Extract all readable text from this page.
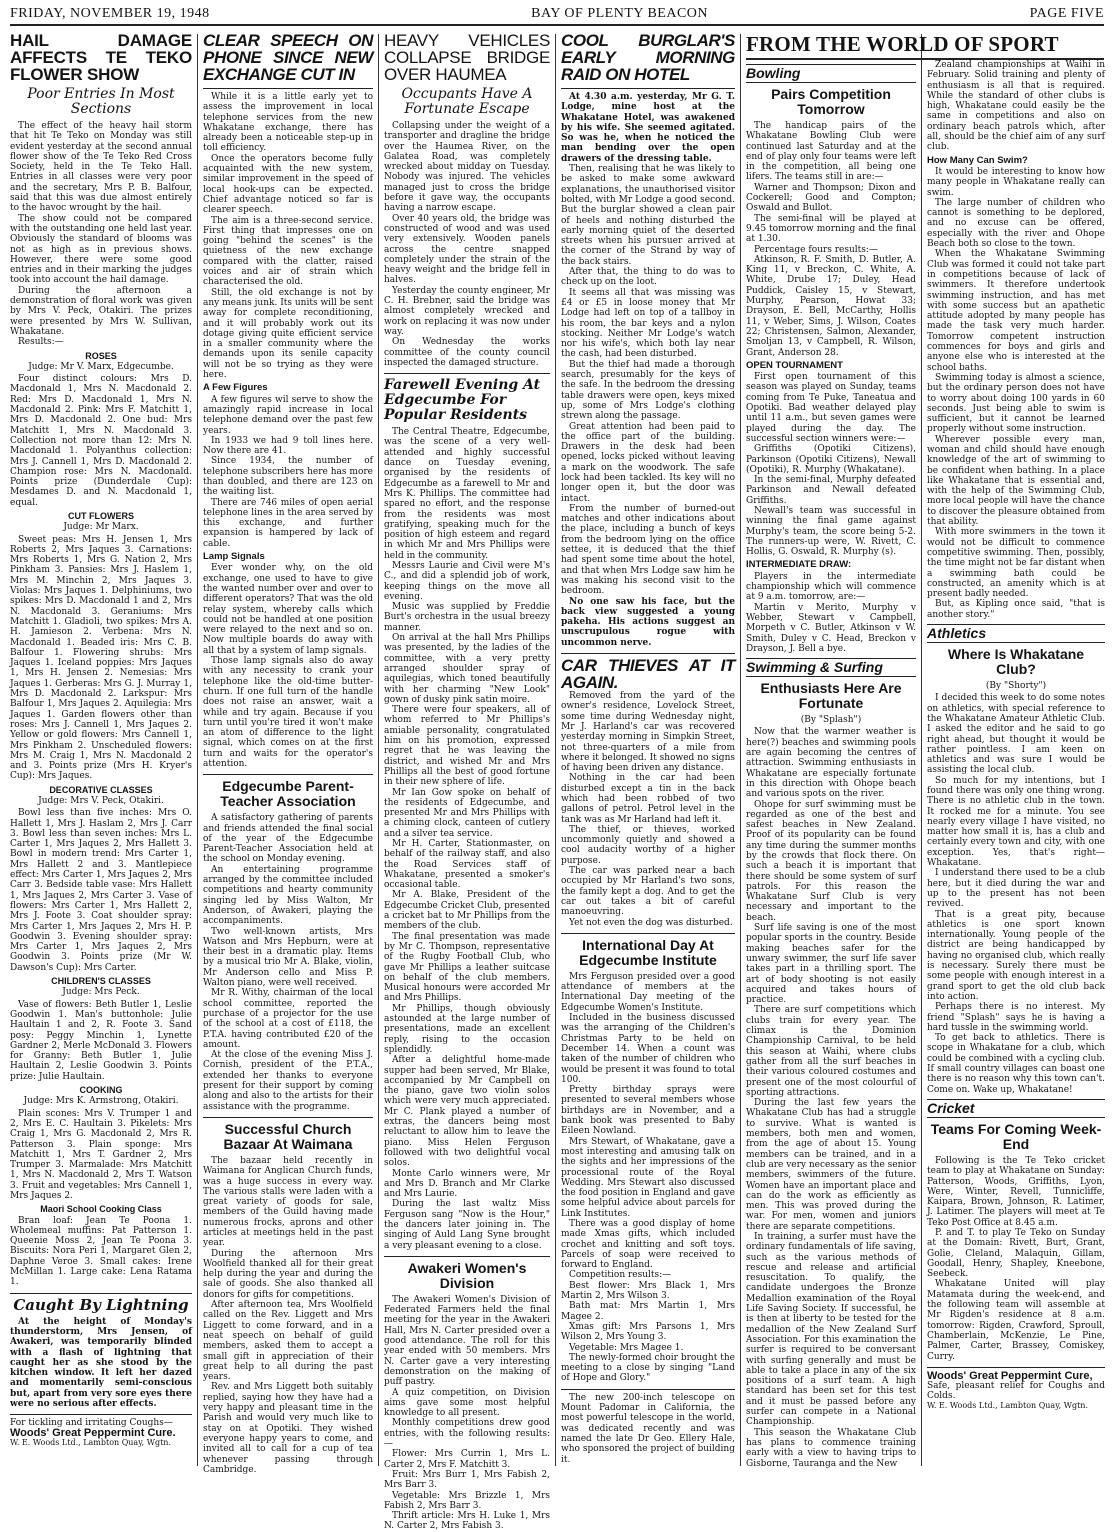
FRIDAY, NOVEMBER 19, 1948	BAY OF PLENTY BEACON	PAGE FIVE
HAIL DAMAGE AFFECTS TE TEKO FLOWER SHOW
Poor Entries In Most Sections

The effect of the heavy hail storm that hit Te Teko on Monday was still evident yesterday at the second annual flower show of the Te Teko Red Cross Society, held in the Te Teko Hall. Entries in all classes were very poor and the secretary, Mrs P. B. Balfour, said that this was due almost entirely to the havoc wrought by the hail.

The show could not be compared with the outstanding one held last year. Obviously the standard of blooms was not as high as in previous shows. However, there were some good entries and in their marking the judges took into account the hail damage.

During the afternoon a demonstration of floral work was given by Mrs V. Peck, Otakiri. The prizes were presented by Mrs W. Sullivan, Whakatane.

Results:—

ROSES
Judge: Mr V. Marx, Edgecumbe.

Four distinct colours: Mrs D. Macdonald 1, Mrs N. Macdonald 2. Red: Mrs D. Macdonald 1, Mrs N. Macdonald 2. Pink: Mrs F. Matchitt 1, Mrs D. Macdonald 2. One bud: Mrs Matchitt 1, Mrs N. Macdonald 3. Collection not more than 12: Mrs N. Macdonald 1. Polyanthus collection: Mrs J. Cannell 1, Mrs D. Macdonald 2. Champion rose: Mrs N. Macdonald. Points prize (Dunderdale Cup): Mesdames D. and N. Macdonald 1, equal.

CUT FLOWERS
Judge: Mr Marx.

Sweet peas: Mrs H. Jensen 1, Mrs Roberts 2, Mrs Jaques 3. Carnations: Mrs Roberts 1, Mrs G. Nation 2, Mrs Pinkham 3. Pansies: Mrs J. Haslem 1, Mrs M. Minchin 2, Mrs Jaques 3. Violas: Mrs Jaques 1. Delphiniums, two spikes: Mrs D. Macdonald 1 and 2, Mrs N. Macdonald 3. Geraniums: Mrs Matchitt 1. Gladioli, two spikes: Mrs A. H. Jamieson 2. Verbena: Mrs N. Macdonald 1. Beaded iris: Mrs C. B. Balfour 1. Flowering shrubs: Mrs Jaques 1. Iceland poppies: Mrs Jaques 1, Mrs H. Jensen 2. Nemesias: Mrs Jaques 1. Gerberas: Mrs G. J. Murray 1, Mrs D. Macdonald 2. Larkspur: Mrs Balfour 1, Mrs Jaques 2. Aquilegia: Mrs Jaques 1. Garden flowers other than roses: Mrs J. Cannell 1, Mrs Jaques 2. Yellow or gold flowers: Mrs Cannell 1, Mrs Pinkham 2. Unscheduled flowers: Mrs M. Craig 1, Mrs N. Macdonald 2 and 3. Points prize (Mrs H. Kryer's Cup): Mrs Jaques.

DECORATIVE CLASSES
Judge: Mrs V. Peck, Otakiri.

Bowl less than five inches: Mrs O. Hallett 1, Mrs J. Haslam 2, Mrs J. Carr 3. Bowl less than seven inches: Mrs L. Carter 1, Mrs Jaques 2, Mrs Hallett 3. Bowl in modern trend: Mrs Carter 1, Mrs Hallett 2 and 3. Mantlepiece effect: Mrs Carter 1, Mrs Jaques 2, Mrs Carr 3. Bedside table vase: Mrs Hallett 1, Mrs Jaques 2, Mrs Carter 3. Vase of flowers: Mrs Carter 1, Mrs Hallett 2, Mrs J. Foote 3. Coat shoulder spray: Mrs Carter 1, Mrs Jaques 2, Mrs H. P. Goodwin 3. Evening shoulder spray: Mrs Carter 1, Mrs Jaques 2, Mrs Goodwin 3. Points prize (Mr W. Dawson's Cup): Mrs Carter.

CHILDREN'S CLASSES
Judge: Mrs Peck.

Vase of flowers: Beth Butler 1, Leslie Goodwin 1. Man's buttonhole: Julie Haultain 1 and 2, R. Foote 3. Sand posy: Peggy Minchin 1, Lynette Gardner 2, Merle McDonald 3. Flowers for Granny: Beth Butler 1, Julie Haultain 2, Leslie Goodwin 3. Points prize: Julie Haultain.

COOKING
Judge: Mrs K. Armstrong, Otakiri.

Plain scones: Mrs V. Trumper 1 and 2, Mrs E. C. Haultain 3. Pikelets: Mrs Craig 1, Mrs G. Macdonald 2, Mrs R. Patterson 3. Plain sponge: Mrs Matchitt 1, Mrs T. Gardner 2, Mrs Trumper 3. Marmalade: Mrs Matchitt 1, Mrs N. Macdonald 2, Mrs T. Watson 3. Fruit and vegetables: Mrs Cannell 1, Mrs Jaques 2.

Maori School Cooking Class

Bran loaf: Jean Te Poona 1. Wholemeal muffins: Pat Patterson 1. Queenie Moss 2, Jean Te Poona 3. Biscuits: Nora Peri 1, Margaret Glen 2, Daphne Veroe 3. Small cakes: Irene McMillan 1. Large cake: Lena Ratama 1.

Caught By Lightning

At the height of Monday's thunderstorm, Mrs Jensen, of Awakeri, was temporarily blinded with a flash of lightning that caught her as she stood by the kitchen window. It left her dazed and momentarily semi-conscious but, apart from very sore eyes there were no serious after effects.

For tickling and irritating Coughs—
Woods' Great Peppermint Cure.
W. E. Woods Ltd., Lambton Quay, Wgtn.
CLEAR SPEECH ON PHONE SINCE NEW EXCHANGE CUT IN

While it is a little early yet to assess the improvement in local telephone services from the new Whakatane exchange, there has already been a noticeable step-up in toll efficiency.

Once the operators become fully acquainted with the new system, similar improvement in the speed of local hook-ups can be expected. Chief advantage noticed so far is clearer speech.

The aim is a three-second service. First thing that impresses one on going "behind the scenes" is the quietness of the new exchange compared with the clatter, raised voices and air of strain which characterised the old.

Still, the old exchange is not by any means junk. Its units will be sent away for complete reconditioning, and it will probably work out its dotage giving quite efficient service in a smaller community where the demands upon its senile capacity will not be so trying as they were here.

A Few Figures

A few figures wil serve to show the amazingly rapid increase in local telephone demand over the past few years.

In 1933 we had 9 toll lines here. Now there are 41.

Since 1934, the number of telephone subscribers here has more than doubled, and there are 123 on the waiting list.

There are 746 miles of open aerial telephone lines in the area served by this exchange, and further expansion is hampered by lack of cable.

Lamp Signals

Ever wonder why, on the old exchange, one used to have to give the wanted number over and over to different operators? That was the old relay system, whereby calls which could not be handled at one position were relayed to the next and so on. Now multiple boards do away with all that by a system of lamp signals.

Those lamp signals also do away with any necessity to crank your telephone like the old-time butter-churn. If one full turn of the handle does not raise an answer, wait a while and try again. Because if you turn until you're tired it won't make an atom of difference to the light signal, which comes on at the first turn and waits for the operator's attention.

Edgecumbe Parent-Teacher Association

A satisfactory gathering of parents and friends attended the final social of the year of the Edgecumbe Parent-Teacher Association held at the school on Monday evening.

An entertaining programme arranged by the committee included competitions and hearty community singing led by Miss Walton, Mr Anderson, of Awakeri, playing the accompaniments.

Two well-known artists, Mrs Watson and Mrs Hepburn, were at their best in a dramatic play. Items by a musical trio Mr A. Blake, violin, Mr Anderson cello and Miss P. Walton piano, were well received.

Mr R. Withy, chairman of the local school committee, reported the purchase of a projector for the use of the school at a cost of £118, the P.T.A. having contributed £20 of the amount.

At the close of the evening Miss J. Cornish, president of the P.T.A., extended her thanks to everyone present for their support by coming along and also to the artists for their assistance with the programme.

Successful Church Bazaar At Waimana

The bazaar held recently in Waimana for Anglican Church funds, was a huge success in every way. The various stalls were laden with a great variety of goods for sale, members of the Guild having made numerous frocks, aprons and other articles at meetings held in the past year.

During the afternoon Mrs Woolfield thanked all for their great help during the year and during the sale of goods. She also thanked all donors for gifts for competitions.

After afternoon tea, Mrs Woolfield called on the Rev. Liggett and Mrs Liggett to come forward, and in a neat speech on behalf of guild members, asked them to accept a small gift in appreciation of their great help to all during the past years.

Rev. and Mrs Liggett both suitably replied, saying how they have had a very happy and pleasant time in the Parish and would very much like to stay on at Opotiki. They wished everyone happy years to come, and invited all to call for a cup of tea whenever passing through Cambridge.

HEAVY VEHICLES COLLAPSE BRIDGE OVER HAUMEA
Occupants Have A Fortunate Escape

Collapsing under the weight of a transporter and dragline the bridge over the Haumea River, on the Galatea Road, was completely wrecked about midday on Tuesday. Nobody was injured. The vehicles managed just to cross the bridge before it gave way, the occupants having a narrow escape.

Over 40 years old, the bridge was constructed of wood and was used very extensively. Wooden panels across the centre snapped completely under the strain of the heavy weight and the bridge fell in halves.

Yesterday the county engineer, Mr C. H. Brebner, said the bridge was almost completely wrecked and work on replacing it was now under way.

On Wednesday the works committee of the county council inspected the damaged structure.

Farewell Evening At Edgecumbe For Popular Residents

The Central Theatre, Edgecumbe, was the scene of a very well-attended and highly successful dance on Tuesday evening, organised by the residents of Edgecumbe as a farewell to Mr and Mrs K. Phillips. The committee had spared no effort, and the response from the residents was most gratifying, speaking much for the position of high esteem and regard in which Mr and Mrs Phillips were held in the community.

Messrs Laurie and Civil were M's C., and did a splendid job of work, keeping things on the move all evening.

Music was supplied by Freddie Burt's orchestra in the usual breezy manner.

On arrival at the hall Mrs Phillips was presented, by the ladies of the committee, with a very pretty arranged shoulder spray of aquilegias, which toned beautifully with her charming "New Look" gown of dusky pink satin moire.

There were four speakers, all of whom referred to Mr Phillips's amiable personality, congratulated him on his promotion, expressed regret that he was leaving the district, and wished Mr and Mrs Phillips all the best of good fortune in their new sphere of life.

Mr Ian Gow spoke on behalf of the residents of Edgecumbe, and presented Mr and Mrs Phillips with a chiming clock, canteen of cutlery and a silver tea service.

Mr H. Carter, Stationmaster, on behalf of the railway staff, and also the Road Services staff of Whakatane, presented a smoker's occasional table.

Mr A. Blake, President of the Edgecumbe Cricket Club, presented a cricket bat to Mr Phillips from the members of the club.

The final presentation was made by Mr C. Thompson, representative of the Rugby Football Club, who gave Mr Phillips a leather suitcase on behalf of the club members. Musical honours were accorded Mr and Mrs Phillips.

Mr Phillips, though obviously astounded at the large number of presentations, made an excellent reply, rising to the occasion splendidly.

After a delightful home-made supper had been served, Mr Blake, accompanied by Mr Campbell on the piano, gave two violin solos which were very much appreciated. Mr C. Plank played a number of extras, the dancers being most reluctant to allow him to leave the piano. Miss Helen Ferguson followed with two delightful vocal solos.

Monte Carlo winners were, Mr and Mrs D. Branch and Mr Clarke and Mrs Laurie.

During the last waltz Miss Ferguson sang "Now is the Hour," the dancers later joining in. The singing of Auld Lang Syne brought a very pleasant evening to a close.

Awakeri Women's Division

The Awakeri Women's Division of Federated Farmers held the final meeting for the year in the Awakeri Hall, Mrs N. Carter presided over a good attendance. The roll for this year ended with 50 members. Mrs N. Carter gave a very interesting demonstration on the making of puff pastry.

A quiz competition, on Division aims gave some most helpful knowledge to all present.

Monthly competitions drew good entries, with the following results:—

Flower: Mrs Currin 1, Mrs L. Carter 2, Mrs F. Matchitt 3.

Fruit: Mrs Burr 1, Mrs Fabish 2, Mrs Barr 3.

Vegetable: Mrs Brizzle 1, Mrs Fabish 2, Mrs Barr 3.

Thrift article: Mrs H. Luke 1, Mrs N. Carter 2, Mrs Fabish 3.

COOL BURGLAR'S EARLY MORNING RAID ON HOTEL

At 4.30 a.m. yesterday, Mr G. T. Lodge, mine host at the Whakatane Hotel, was awakened by his wife. She seemed agitated. So was he, when he noticed the man bending over the open drawers of the dressing table.

Then, realising that he was likely to be asked to make some awkward explanations, the unauthorised visitor bolted, with Mr Lodge a good second. But the burglar showed a clean pair of heels and nothing disturbed the early morning quiet of the deserted streets when his pursuer arrived at the corner of the Strand by way of the back stairs.

After that, the thing to do was to check up on the loot.

It seems all that was missing was £4 or £5 in loose money that Mr Lodge had left on top of a tallboy in his room, the bar keys and a nylon stocking. Neither Mr Lodge's watch nor his wife's, which both lay near the cash, had been disturbed.

But the thief had made a thorough search, presumably for the keys of the safe. In the bedroom the dressing table drawers were open, keys mixed up, some of Mrs Lodge's clothing strewn along the passage.

Great attention had been paid to the office part of the building. Drawers in the desk had been opened, locks picked without leaving a mark on the woodwork. The safe lock had been tackled. Its key will no longer open it, but the door was intact.

From the number of burned-out matches and other indications about the place, including a bunch of keys from the bedroom lying on the office settee, it is deduced that the thief had spent some time about the hotel, and that when Mrs Lodge saw him he was making his second visit to the bedroom.

No one saw his face, but the back view suggested a young pakeha. His actions suggest an unscrupulous rogue with uncommon nerve.

CAR THIEVES AT IT AGAIN.

Removed from the yard of the owner's residence, Lovelock Street, some time during Wednesday night, Mr J. Harland's car was recovered yesterday morning in Simpkin Street, not three-quarters of a mile from where it belonged. It showed no signs of having been driven any distance.

Nothing in the car had been disturbed except a tin in the back which had been robbed of two gallons of petrol. Petrol level in the tank was as Mr Harland had left it.

The thief, or thieves, worked uncommonly quietly and showed a cool audacity worthy of a higher purpose.

The car was parked near a bach occupied by Mr Harland's two sons, the family kept a dog. And to get the car out takes a bit of careful manoeuvring.

Yet not even the dog was disturbed.

International Day At Edgecumbe Institute

Mrs Ferguson presided over a good attendance of members at the International Day meeting of the Edgecumbe Women's Institute.

Included in the business discussed was the arranging of the Children's Christmas Party to be held on December 14. When a count was taken of the number of children who would be present it was found to total 100.

Pretty birthday sprays were presented to several members whose birthdays are in November, and a bank book was presented to Baby Eileen Nowland.

Mrs Stewart, of Whakatane, gave a most interesting and amusing talk on the sights and her impressions of the processional route of the Royal Wedding. Mrs Stewart also discussed the food position in England and gave some helpful advice about parcels for Link Institutes.

There was a good display of home made Xmas gifts, which included crochet and knitting and soft toys. Parcels of soap were received to forward to England.

Competition results:—

Best flower: Mrs Black 1, Mrs Martin 2, Mrs Wilson 3.

Bath mat: Mrs Martin 1, Mrs Magee 2.

Xmas gift: Mrs Parsons 1, Mrs Wilson 2, Mrs Young 3.

Vegetable: Mrs Magee 1.

The newly-formed choir brought the meeting to a close by singing "Land of Hope and Glory."

The new 200-inch telescope on Mount Padomar in California, the most powerful telescope in the world, was dedicated recently and was named the late Dr Geo. Ellery Hale, who sponsored the project of building it.

FROM THE WORLD OF SPORT
Bowling
Pairs Competition Tomorrow

The handicap pairs of the Whakatane Bowling Club were continued last Saturday and at the end of play only four teams were left in the competition, all being one lifers. The teams still in are:—

Warner and Thompson; Dixon and Cockerell; Good and Compton; Oswald and Bullot.

The semi-final will be played at 9.45 tomorrow morning and the final at 1.30.

Percentage fours results:—

Atkinson, R. F. Smith, D. Butler, A. King 11, v Breckon, C. White, A. White, Drube 17; Duley, Head Puddick, Caisley 15, v Stewart, Murphy, Pearson, Howat 33; Drayson, E. Bell, McCarthy, Hollis 11, v Weber, Sims, J. Wilson, Coates 22; Christensen, Salmon, Alexander, Smoljan 13, v Campbell, R. Wilson, Grant, Anderson 28.

OPEN TOURNAMENT

First open tournament of this season was played on Sunday, teams coming from Te Puke, Taneatua and Opotiki. Bad weather delayed play until 11 a.m., but seven games were played during the day. The successful section winners were:—

Griffiths (Opotiki Citizens), Parkinson (Opotiki Citizens), Newall (Opotiki), R. Murphy (Whakatane).

In the semi-final, Murphy defeated Parkinson and Newall defeated Griffiths.

Newall's team was successful in winning the final game against Murphy's team, the score being 5-2. The runners-up were, W. Rivett, C. Hollis, G. Oswald, R. Murphy (s).

INTERMEDIATE DRAW:

Players in the intermediate championship which will commence at 9 a.m. tomorrow, are:—

Martin v Merito, Murphy v Webber, Stewart v Campbell, Morpeth v C. Butler, Atkinson v W. Smith, Duley v C. Head, Breckon v Drayson, J. Bell a bye.

Swimming & Surfing
Enthusiasts Here Are Fortunate
(By "Splash")

Now that the warmer weather is here(?) beaches and swimming pools are again becoming the centres of attraction. Swimming enthusiasts in Whakatane are especially fortunate in this direction with Ohope beach and various spots on the river.

Ohope for surf swimming must be regarded as one of the best and safest beaches in New Zealand. Proof of its popularity can be found any time during the summer months by the crowds that flock there. On such a beach it is important that there should be some system of surf patrols. For this reason the Whakatane Surf Club is very necessary and important to the beach.

Surf life saving is one of the most popular sports in the country. Beside making beaches safer for the unwary swimmer, the surf life saver takes part in a thrilling sport. The art of body shooting is not easily acquired and takes hours of practice.

There are surf competitions which clubs train for every year. The climax is the Dominion Championship Carnival, to be held this season at Waihi, where clubs gather from all the surf beaches in their various coloured costumes and present one of the most colourful of sporting attractions.

During the last few years the Whakatane Club has had a struggle to survive. What is wanted is members, both men and women, from the age of about 15. Young members can be trained, and in a club are very necessary as the senior members, swimmers of the future. Women have an important place and can do the work as efficiently as men. This was proved during the war. For men, women and juniors there are separate competitions.

In training, a surfer must have the ordinary fundamentals of life saving, such as the various methods of rescue and release and artificial resuscitation. To qualify, the candidate undergoes the Bronze Medallion examination of the Royal Life Saving Society. If successful, he is then at liberty to be tested for the medallion of the New Zealand Surf Association. For this examination the surfer is required to be conversant with surfing generally and must be able to take a place in any of the six positions of a surf team. A high standard has been set for this test and it must be passed before any surfer can compete in a National Championship.

This season the Whakatane Club has plans to commence training early with a view to having trips to Gisborne, Tauranga and the New

Zealand championships at Waihi in February. Solid training and plenty of enthusiasm is all that is required. While the standard of other clubs is high, Whakatane could easily be the same in competitions and also on ordinary beach patrols which, after all, should be the chief aim of any surf club.

How Many Can Swim?

It would be interesting to know how many people in Whakatane really can swim.

The large number of children who cannot is something to be deplored, and no excuse can be offered, especially with the river and Ohope Beach both so close to the town.

When the Whakatane Swimming Club was formed it could not take part in competitions because of lack of swimmers. It therefore undertook swimming instruction, and has met with some success but an apathetic attitude adopted by many people has made the task very much harder. Tomorrow competent instruction commences for boys and girls and anyone else who is interested at the school baths.

Swimming today is almost a science, but the ordinary person does not have to worry about doing 100 yards in 60 seconds. Just being able to swim is sufficient, but it cannot be learned properly without some instruction.

Wherever possible every man, woman and child should have enough knowledge of the art of swimming to be confident when bathing. In a place like Whakatane that is essential and, with the help of the Swimming Club, more local people will have the chance to discover the pleasure obtained from that ability.

With more swimmers in the town it would not be difficult to commence competitive swimming. Then, possibly, the time might not be far distant when a swimming bath could be constructed, an amenity which is at present badly needed.

But, as Kipling once said, "that is another story."

Athletics
Where Is Whakatane Club?
(By "Shorty")

I decided this week to do some notes on athletics, with special reference to the Whakatane Amateur Athletic Club. I asked the editor and he said to go right ahead, but thought it would be rather pointless. I am keen on athletics and was sure I would be assisting the local club.

So much for my intentions, but I found there was only one thing wrong. There is no athletic club in the town. It rocked me for a minute. You see nearly every village I have visited, no matter how small it is, has a club and certainly every town and city, with one exception. Yes, that's right—Whakatane.

I understand there used to be a club here, but it died during the war and up to the present has not been revived.

That is a great pity, because athletics is one sport known internationally. Young people of the district are being handicapped by having no organised club, which really is necessary. Surely there must be some people with enough interest in a grand sport to get the old club back into action.

Perhaps there is no interest. My friend "Splash" says he is having a hard tussle in the swimming world.

To get back to athletics. There is scope in Whakatane for a club, which could be combined with a cycling club. If small country villages can boast one there is no reason why this town can't. Come on. Wake up, Whakatane!

Cricket
Teams For Coming Week-End

Following is the Te Teko cricket team to play at Whakatane on Sunday: Patterson, Woods, Griffiths, Lyon, Were, Winter, Revell, Tunnicliffe, Kaipara, Brown, Johnson, R. Latimer, J. Latimer. The players will meet at Te Teko Post Office at 8.45 a.m.

P. and T. to play Te Teko on Sunday at the Domain: Rivett, Burt, Grant, Golie, Cleland, Malaquin, Gillam, Goodall, Henry, Shapley, Kneebone, Seebeck.

Whakatane United will play Matamata during the week-end, and the following team will assemble at Mr Rigden's residence at 8 a.m. tomorrow: Rigden, Crawford, Sproull, Chamberlain, McKenzie, Le Pine, Palmer, Carter, Brassey, Comiskey, Curry.

Woods' Great Peppermint Cure,
Safe, pleasant relief for Coughs and Colds.
W. E. Woods Ltd., Lambton Quay, Wgtn.
